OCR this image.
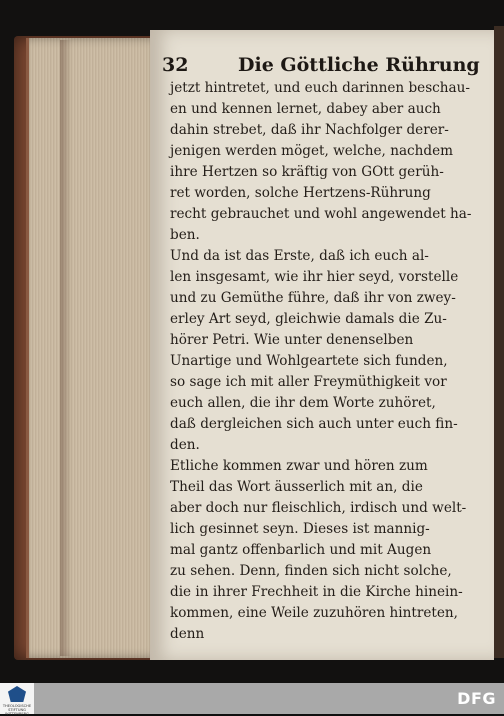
32	Die Göttliche Rührung
jetzt hintretet, und euch darinnen beschau-
en und kennen lernet, dabey aber auch
dahin strebet, daß ihr Nachfolger derer-
jenigen werden möget, welche, nachdem
ihre Hertzen so kräftig von GOtt gerüh-
ret worden, solche Hertzens-Rührung
recht gebrauchet und wohl angewendet ha-
ben.
Und da ist das Erste, daß ich euch al-
len insgesamt, wie ihr hier seyd, vorstelle
und zu Gemüthe führe, daß ihr von zwey-
erley Art seyd, gleichwie damals die Zu-
hörer Petri. Wie unter denenselben
Unartige und Wohlgeartete sich funden,
so sage ich mit aller Freymüthigkeit vor
euch allen, die ihr dem Worte zuhöret,
daß dergleichen sich auch unter euch fin-
den.
Etliche kommen zwar und hören zum
Theil das Wort äusserlich mit an, die
aber doch nur fleischlich, irdisch und welt-
lich gesinnet seyn. Dieses ist mannig-
mal gantz offenbarlich und mit Augen
zu sehen. Denn, finden sich nicht solche,
die in ihrer Frechheit in die Kirche hinein-
kommen, eine Weile zuzuhören hintreten,
denn
THEOLOGISCHE STIFTUNG WITTENBERG
DFG
